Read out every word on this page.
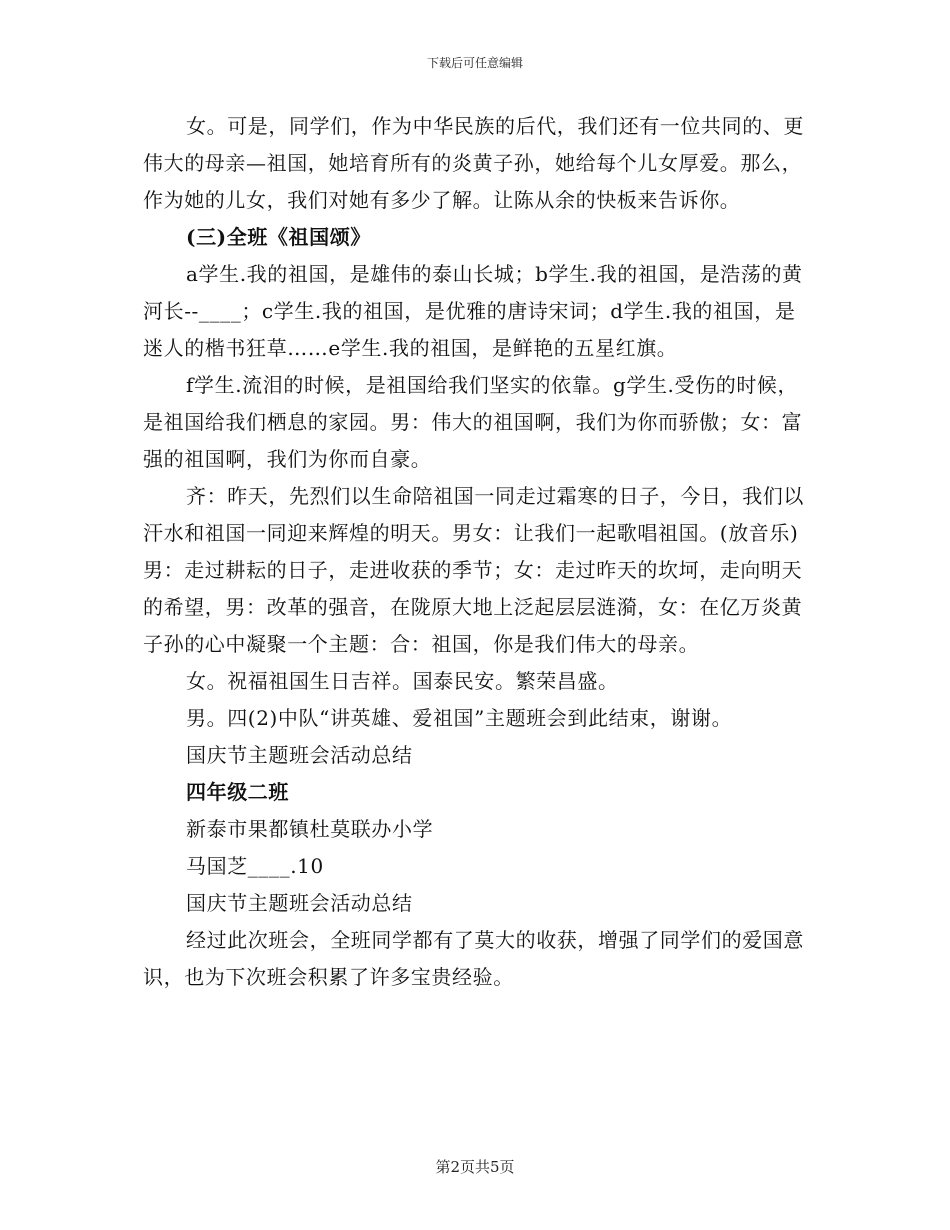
下载后可任意编辑

女。可是，同学们，作为中华民族的后代，我们还有一位共同的、更伟大的母亲—祖国，她培育所有的炎黄子孙，她给每个儿女厚爱。那么，作为她的儿女，我们对她有多少了解。让陈从余的快板来告诉你。

(三)全班《祖国颂》

a学生.我的祖国，是雄伟的泰山长城；b学生.我的祖国，是浩荡的黄河长--____；c学生.我的祖国，是优雅的唐诗宋词；d学生.我的祖国，是迷人的楷书狂草……e学生.我的祖国，是鲜艳的五星红旗。

f学生.流泪的时候，是祖国给我们坚实的依靠。g学生.受伤的时候，是祖国给我们栖息的家园。男：伟大的祖国啊，我们为你而骄傲；女：富强的祖国啊，我们为你而自豪。

齐：昨天，先烈们以生命陪祖国一同走过霜寒的日子，今日，我们以汗水和祖国一同迎来辉煌的明天。男女：让我们一起歌唱祖国。(放音乐)男：走过耕耘的日子，走进收获的季节；女：走过昨天的坎坷，走向明天的希望，男：改革的强音，在陇原大地上泛起层层涟漪，女：在亿万炎黄子孙的心中凝聚一个主题：合：祖国，你是我们伟大的母亲。

女。祝福祖国生日吉祥。国泰民安。繁荣昌盛。

男。四(2)中队“讲英雄、爱祖国”主题班会到此结束，谢谢。

国庆节主题班会活动总结

四年级二班

新泰市果都镇杜莫联办小学

马国芝____.10

国庆节主题班会活动总结

经过此次班会，全班同学都有了莫大的收获，增强了同学们的爱国意识，也为下次班会积累了许多宝贵经验。

第2页共5页
